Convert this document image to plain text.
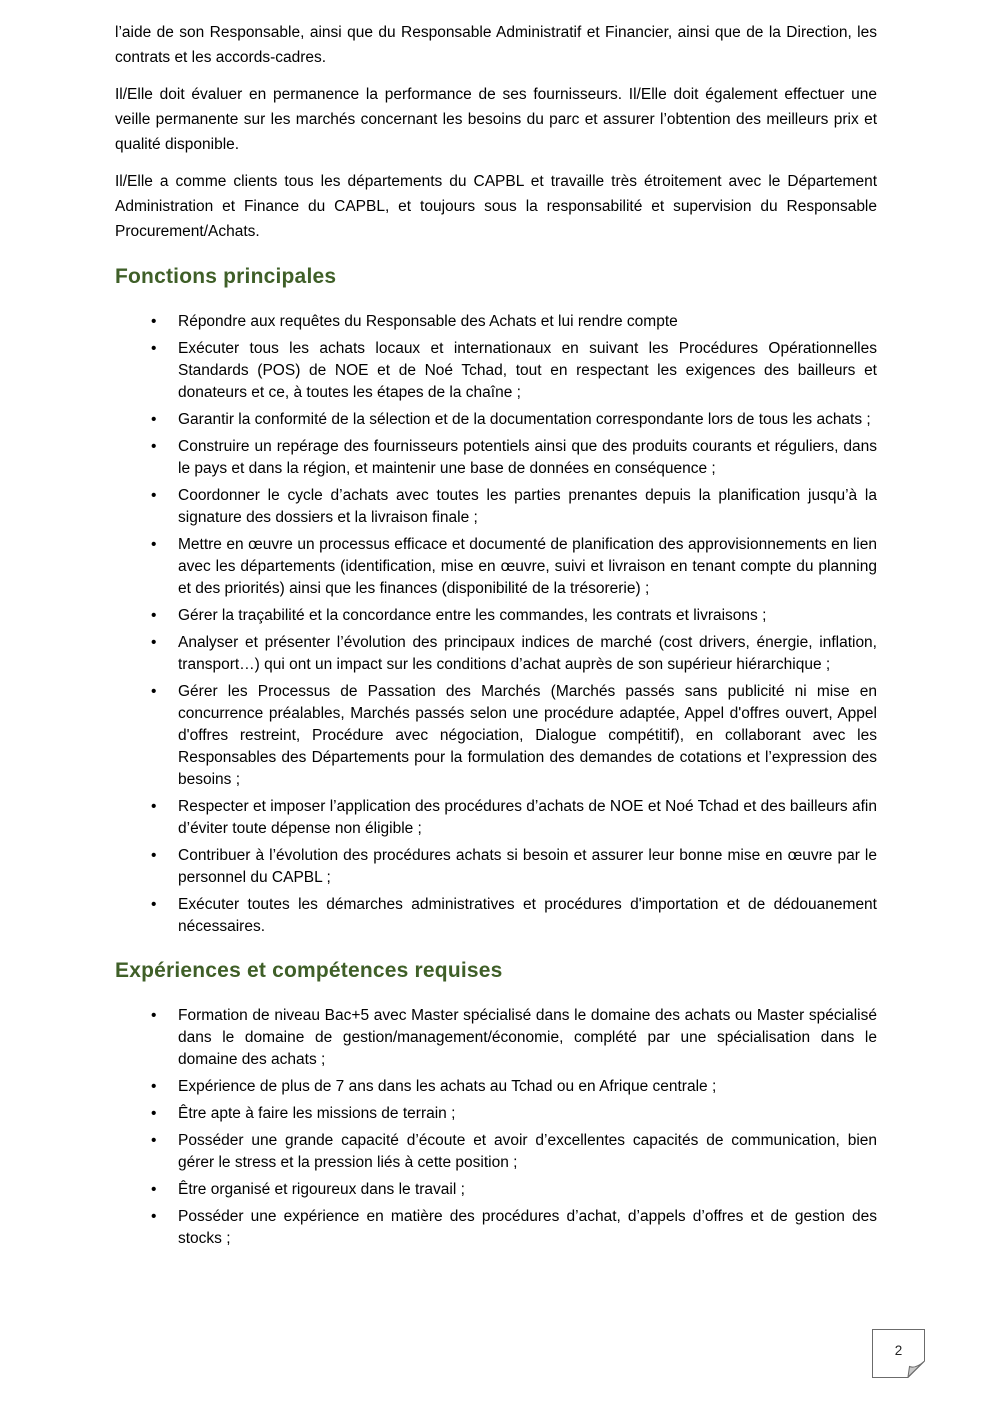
l’aide de son Responsable, ainsi que du Responsable Administratif et Financier, ainsi que de la Direction, les contrats et les accords-cadres.

Il/Elle doit évaluer en permanence la performance de ses fournisseurs. Il/Elle doit également effectuer une veille permanente sur les marchés concernant les besoins du parc et assurer l’obtention des meilleurs prix et qualité disponible.

Il/Elle a comme clients tous les départements du CAPBL et travaille très étroitement avec le Département Administration et Finance du CAPBL, et toujours sous la responsabilité et supervision du Responsable Procurement/Achats.

Fonctions principales
• Répondre aux requêtes du Responsable des Achats et lui rendre compte
• Exécuter tous les achats locaux et internationaux en suivant les Procédures Opérationnelles Standards (POS) de NOE et de Noé Tchad, tout en respectant les exigences des bailleurs et donateurs et ce, à toutes les étapes de la chaîne ;
• Garantir la conformité de la sélection et de la documentation correspondante lors de tous les achats ;
• Construire un repérage des fournisseurs potentiels ainsi que des produits courants et réguliers, dans le pays et dans la région, et maintenir une base de données en conséquence ;
• Coordonner le cycle d’achats avec toutes les parties prenantes depuis la planification jusqu’à la signature des dossiers et la livraison finale ;
• Mettre en œuvre un processus efficace et documenté de planification des approvisionnements en lien avec les départements (identification, mise en œuvre, suivi et livraison en tenant compte du planning et des priorités) ainsi que les finances (disponibilité de la trésorerie) ;
• Gérer la traçabilité et la concordance entre les commandes, les contrats et livraisons ;
• Analyser et présenter l’évolution des principaux indices de marché (cost drivers, énergie, inflation, transport…) qui ont un impact sur les conditions d’achat auprès de son supérieur hiérarchique ;
• Gérer les Processus de Passation des Marchés (Marchés passés sans publicité ni mise en concurrence préalables, Marchés passés selon une procédure adaptée, Appel d'offres ouvert, Appel d'offres restreint, Procédure avec négociation, Dialogue compétitif), en collaborant avec les Responsables des Départements pour la formulation des demandes de cotations et l’expression des besoins ;
• Respecter et imposer l’application des procédures d’achats de NOE et Noé Tchad et des bailleurs afin d’éviter toute dépense non éligible ;
• Contribuer à l’évolution des procédures achats si besoin et assurer leur bonne mise en œuvre par le personnel du CAPBL ;
• Exécuter toutes les démarches administratives et procédures d'importation et de dédouanement nécessaires.
Expériences et compétences requises
• Formation de niveau Bac+5 avec Master spécialisé dans le domaine des achats ou Master spécialisé dans le domaine de gestion/management/économie, complété par une spécialisation dans le domaine des achats ;
• Expérience de plus de 7 ans dans les achats au Tchad ou en Afrique centrale ;
• Être apte à faire les missions de terrain ;
• Posséder une grande capacité d’écoute et avoir d’excellentes capacités de communication, bien gérer le stress et la pression liés à cette position ;
• Être organisé et rigoureux dans le travail ;
• Posséder une expérience en matière des procédures d’achat, d’appels d’offres et de gestion des stocks ;
2
